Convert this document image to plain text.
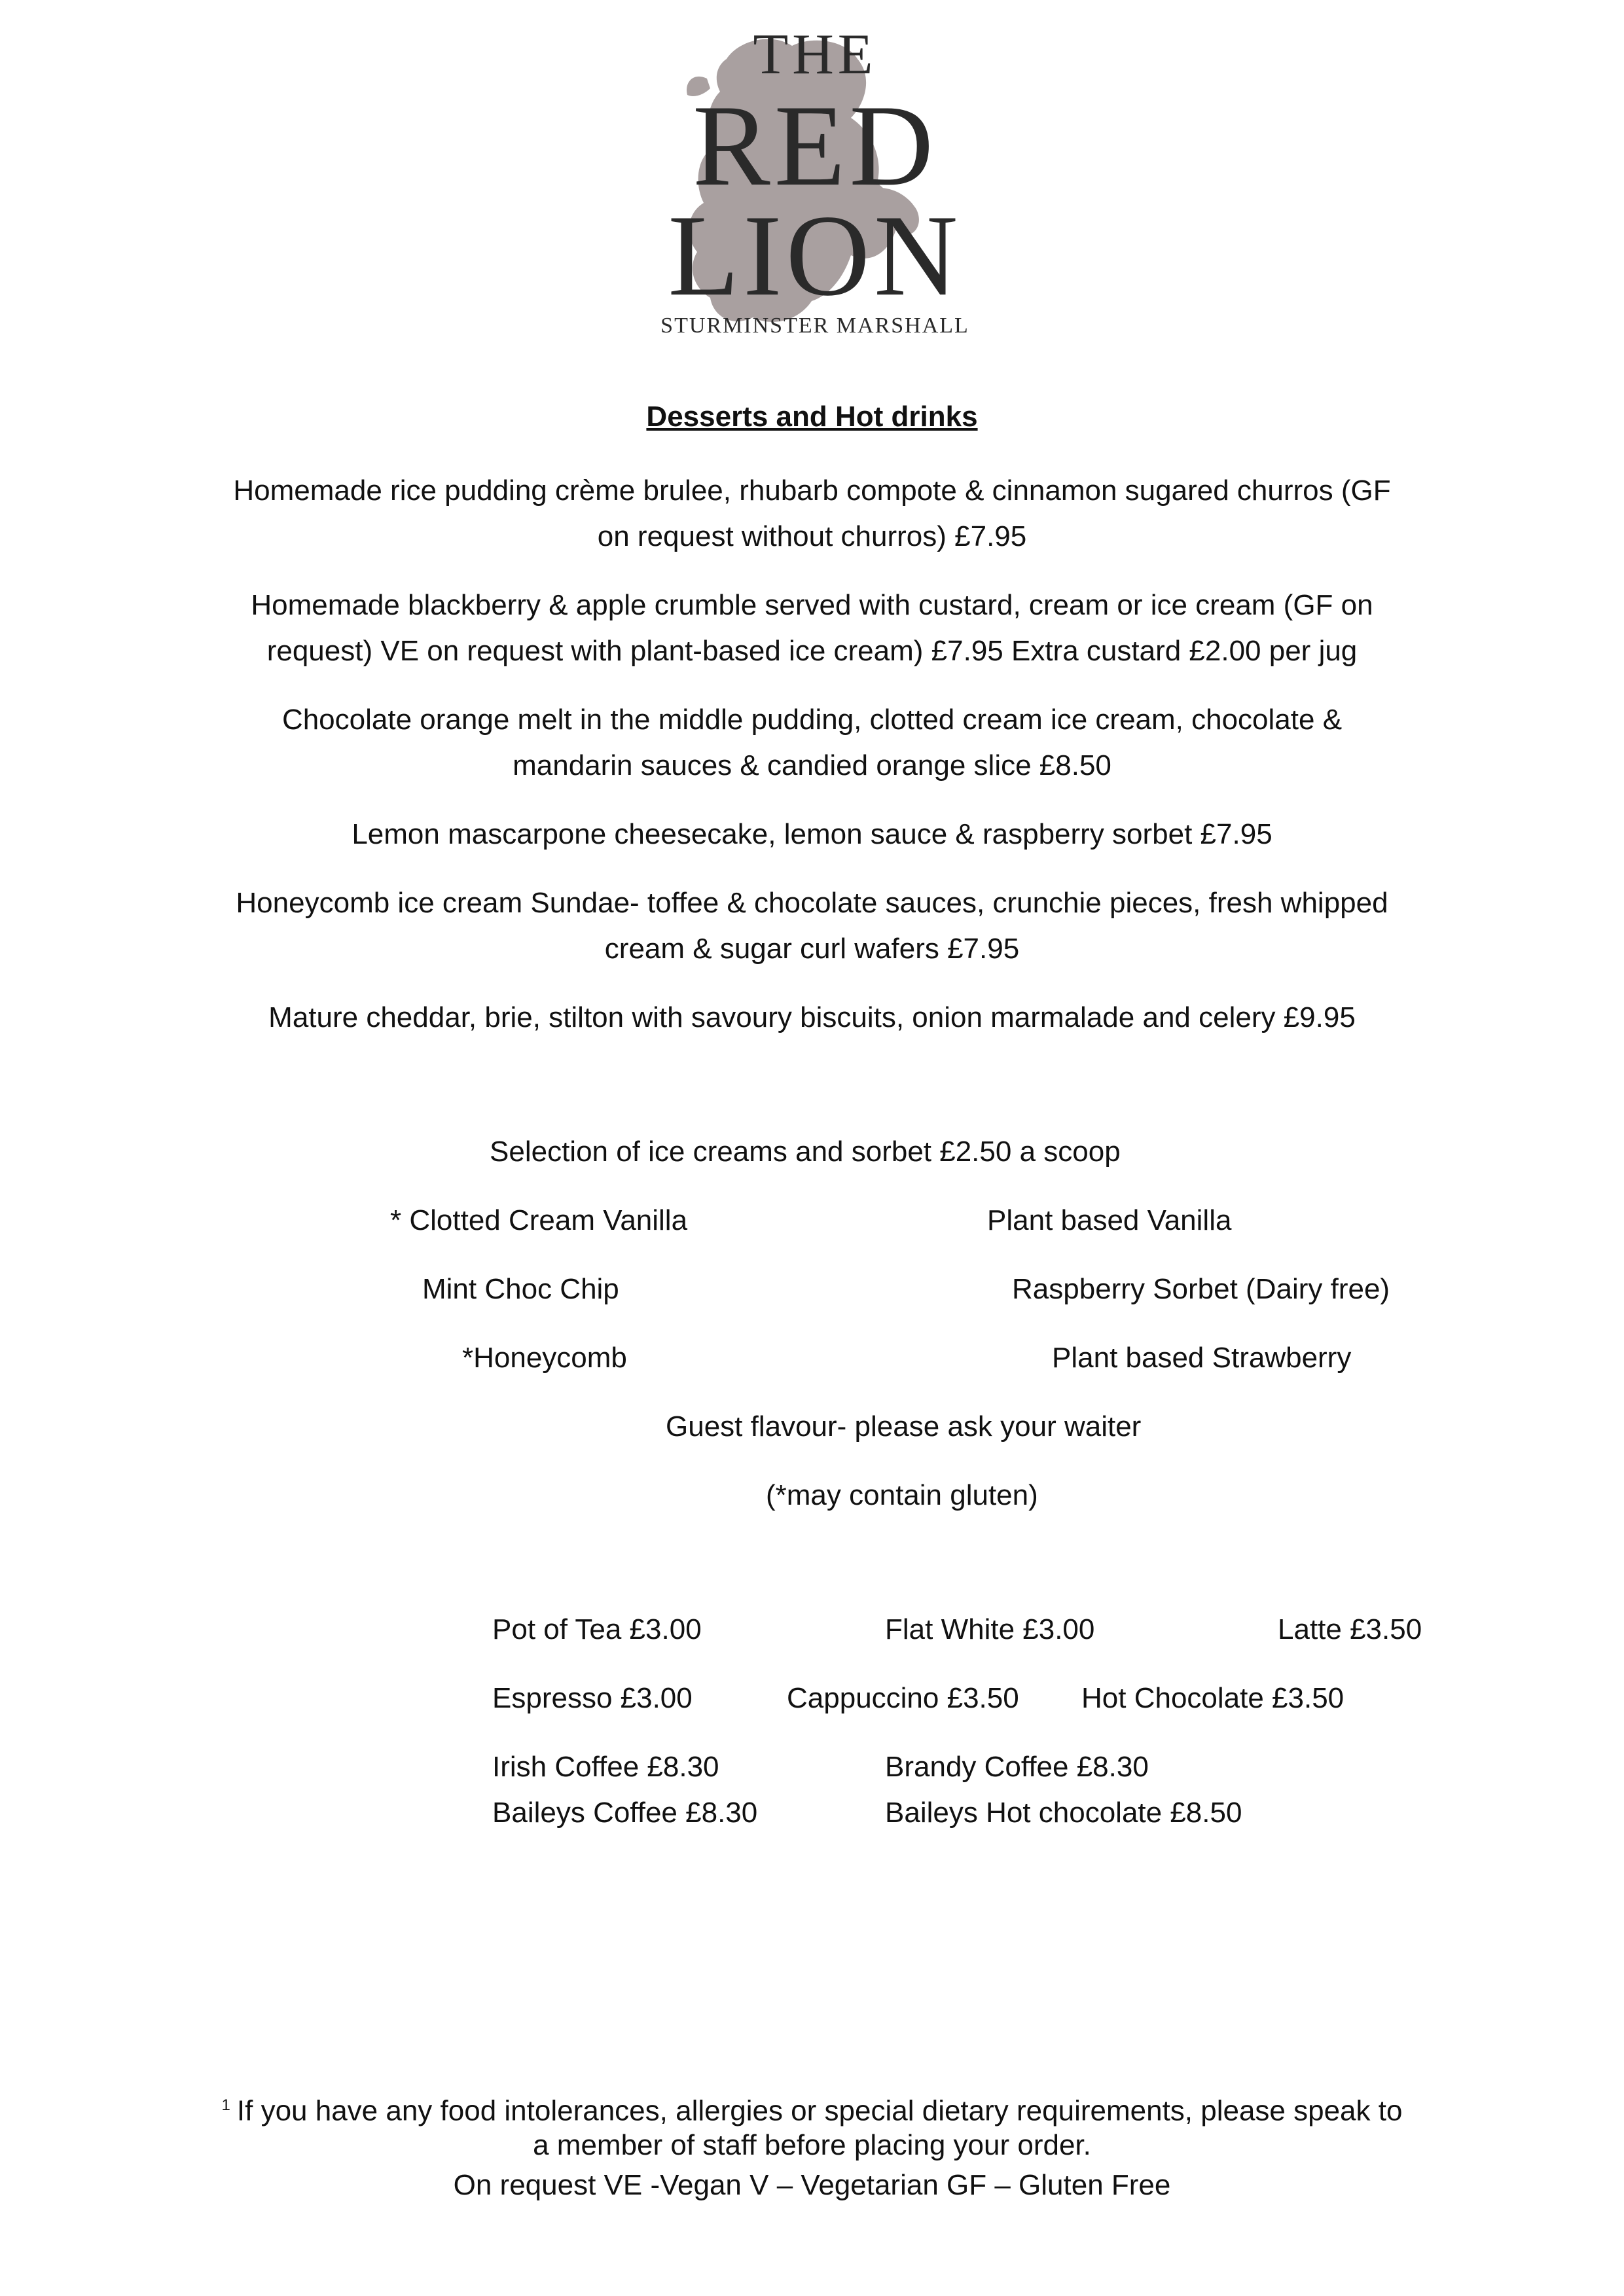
THE
RED
LION
STURMINSTER MARSHALL
Desserts and Hot drinks
Homemade rice pudding crème brulee, rhubarb compote & cinnamon sugared churros (GF
on request without churros) £7.95
Homemade blackberry & apple crumble served with custard, cream or ice cream (GF on
request) VE on request with plant-based ice cream) £7.95 Extra custard £2.00 per jug
Chocolate orange melt in the middle pudding, clotted cream ice cream, chocolate &
mandarin sauces & candied orange slice £8.50
Lemon mascarpone cheesecake, lemon sauce & raspberry sorbet £7.95
Honeycomb ice cream Sundae- toffee & chocolate sauces, crunchie pieces, fresh whipped
cream & sugar curl wafers £7.95
Mature cheddar, brie, stilton with savoury biscuits, onion marmalade and celery £9.95
Selection of ice creams and sorbet £2.50 a scoop
* Clotted Cream Vanilla	Plant based Vanilla
Mint Choc Chip	Raspberry Sorbet (Dairy free)
*Honeycomb	Plant based Strawberry
Guest flavour- please ask your waiter
(*may contain gluten)
Pot of Tea £3.00	Flat White £3.00	Latte £3.50
Espresso £3.00	Cappuccino £3.50 Hot Chocolate £3.50
Irish Coffee £8.30	Brandy Coffee £8.30
Baileys Coffee £8.30	Baileys Hot chocolate £8.50
$^1$ If you have any food intolerances, allergies or special dietary requirements, please speak to
a member of staff before placing your order.
On request VE -Vegan V – Vegetarian GF – Gluten Free
